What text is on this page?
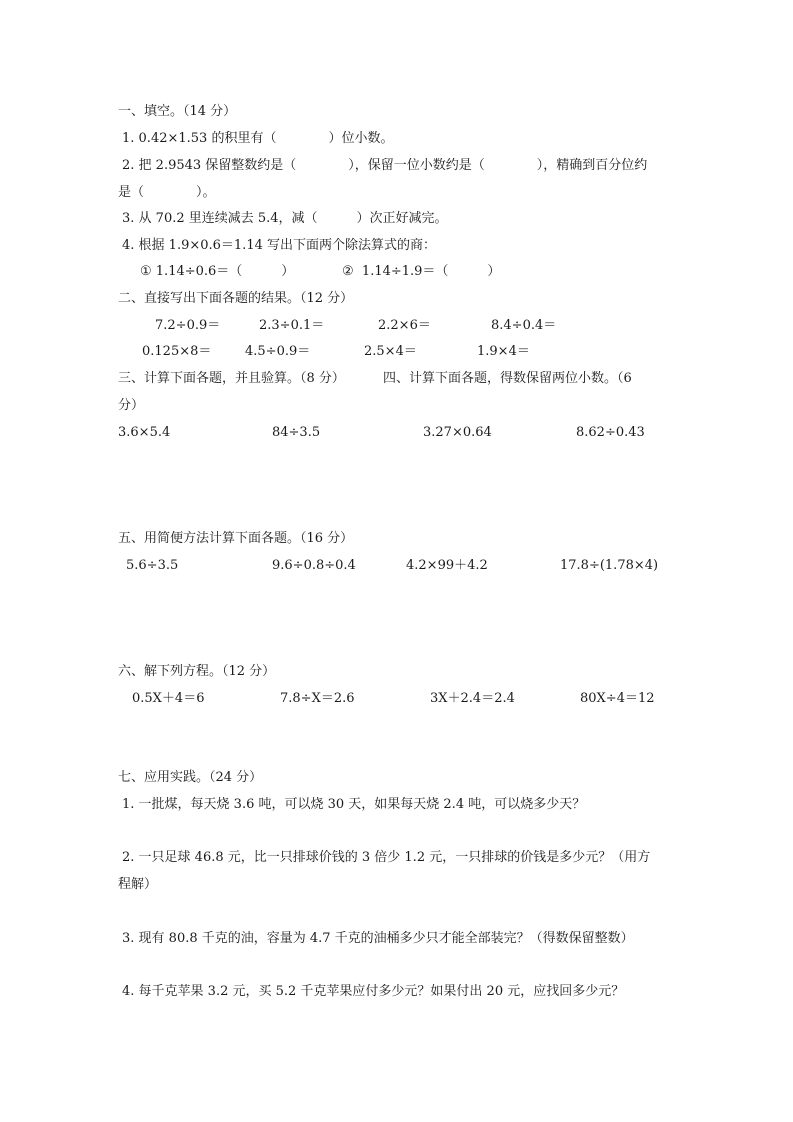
一、填空。（14 分）
1. 0.42×1.53 的积里有（　　　　）位小数。
2. 把 2.9543 保留整数约是（　　　　），保留一位小数约是（　　　　），精确到百分位约
是（　　　　）。
3. 从 70.2 里连续减去 5.4，减（　　　）次正好减完。
4. 根据 1.9×0.6＝1.14 写出下面两个除法算式的商：
① 1.14÷0.6＝（　　　）	②  1.14÷1.9＝（　　　）
二、直接写出下面各题的结果。（12 分）
7.2÷0.9＝	2.3÷0.1＝	2.2×6＝	8.4÷0.4＝
0.125×8＝	4.5÷0.9＝	2.5×4＝	1.9×4＝
三、计算下面各题，并且验算。（8 分）	四、计算下面各题，得数保留两位小数。（6
分）
3.6×5.4	84÷3.5	3.27×0.64	8.62÷0.43
五、用简便方法计算下面各题。（16 分）
5.6÷3.5	9.6÷0.8÷0.4	4.2×99＋4.2	17.8÷(1.78×4)
六、解下列方程。（12 分）
0.5X＋4＝6	7.8÷X＝2.6	3X＋2.4＝2.4	80X÷4＝12
七、应用实践。（24 分）
1. 一批煤，每天烧 3.6 吨，可以烧 30 天，如果每天烧 2.4 吨，可以烧多少天？
2. 一只足球 46.8 元，比一只排球价钱的 3 倍少 1.2 元，一只排球的价钱是多少元？（用方
程解）
3. 现有 80.8 千克的油，容量为 4.7 千克的油桶多少只才能全部装完？（得数保留整数）
4. 每千克苹果 3.2 元，买 5.2 千克苹果应付多少元？如果付出 20 元，应找回多少元？
